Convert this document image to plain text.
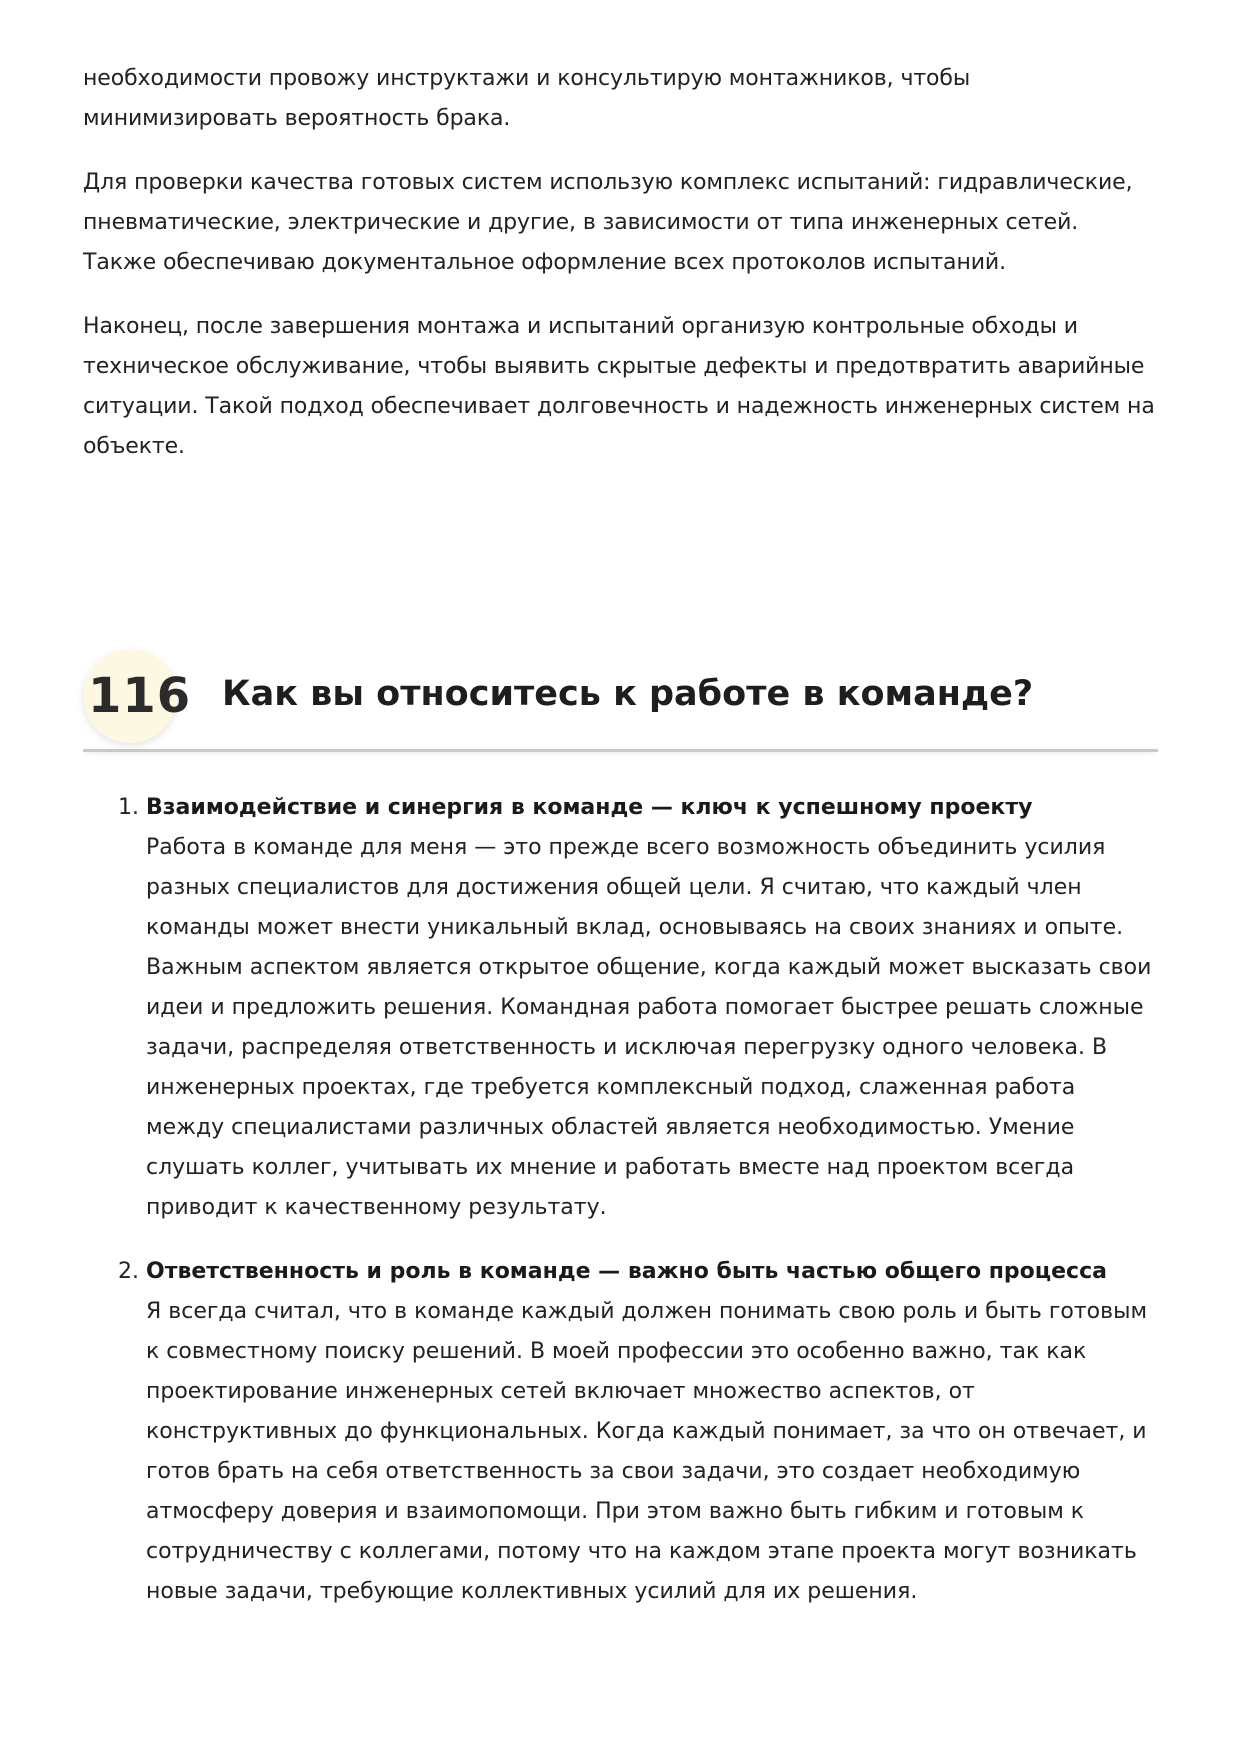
необходимости провожу инструктажи и консультирую монтажников, чтобы минимизировать вероятность брака.

Для проверки качества готовых систем использую комплекс испытаний: гидравлические, пневматические, электрические и другие, в зависимости от типа инженерных сетей. Также обеспечиваю документальное оформление всех протоколов испытаний.

Наконец, после завершения монтажа и испытаний организую контрольные обходы и техническое обслуживание, чтобы выявить скрытые дефекты и предотвратить аварийные ситуации. Такой подход обеспечивает долговечность и надежность инженерных систем на объекте.

116 Как вы относитесь к работе в команде?
1. Взаимодействие и синергия в команде — ключ к успешному проекту
Работа в команде для меня — это прежде всего возможность объединить усилия разных специалистов для достижения общей цели. Я считаю, что каждый член команды может внести уникальный вклад, основываясь на своих знаниях и опыте. Важным аспектом является открытое общение, когда каждый может высказать свои идеи и предложить решения. Командная работа помогает быстрее решать сложные задачи, распределяя ответственность и исключая перегрузку одного человека. В инженерных проектах, где требуется комплексный подход, слаженная работа между специалистами различных областей является необходимостью. Умение слушать коллег, учитывать их мнение и работать вместе над проектом всегда приводит к качественному результату.
2. Ответственность и роль в команде — важно быть частью общего процесса
Я всегда считал, что в команде каждый должен понимать свою роль и быть готовым к совместному поиску решений. В моей профессии это особенно важно, так как проектирование инженерных сетей включает множество аспектов, от конструктивных до функциональных. Когда каждый понимает, за что он отвечает, и готов брать на себя ответственность за свои задачи, это создает необходимую атмосферу доверия и взаимопомощи. При этом важно быть гибким и готовым к сотрудничеству с коллегами, потому что на каждом этапе проекта могут возникать новые задачи, требующие коллективных усилий для их решения.
